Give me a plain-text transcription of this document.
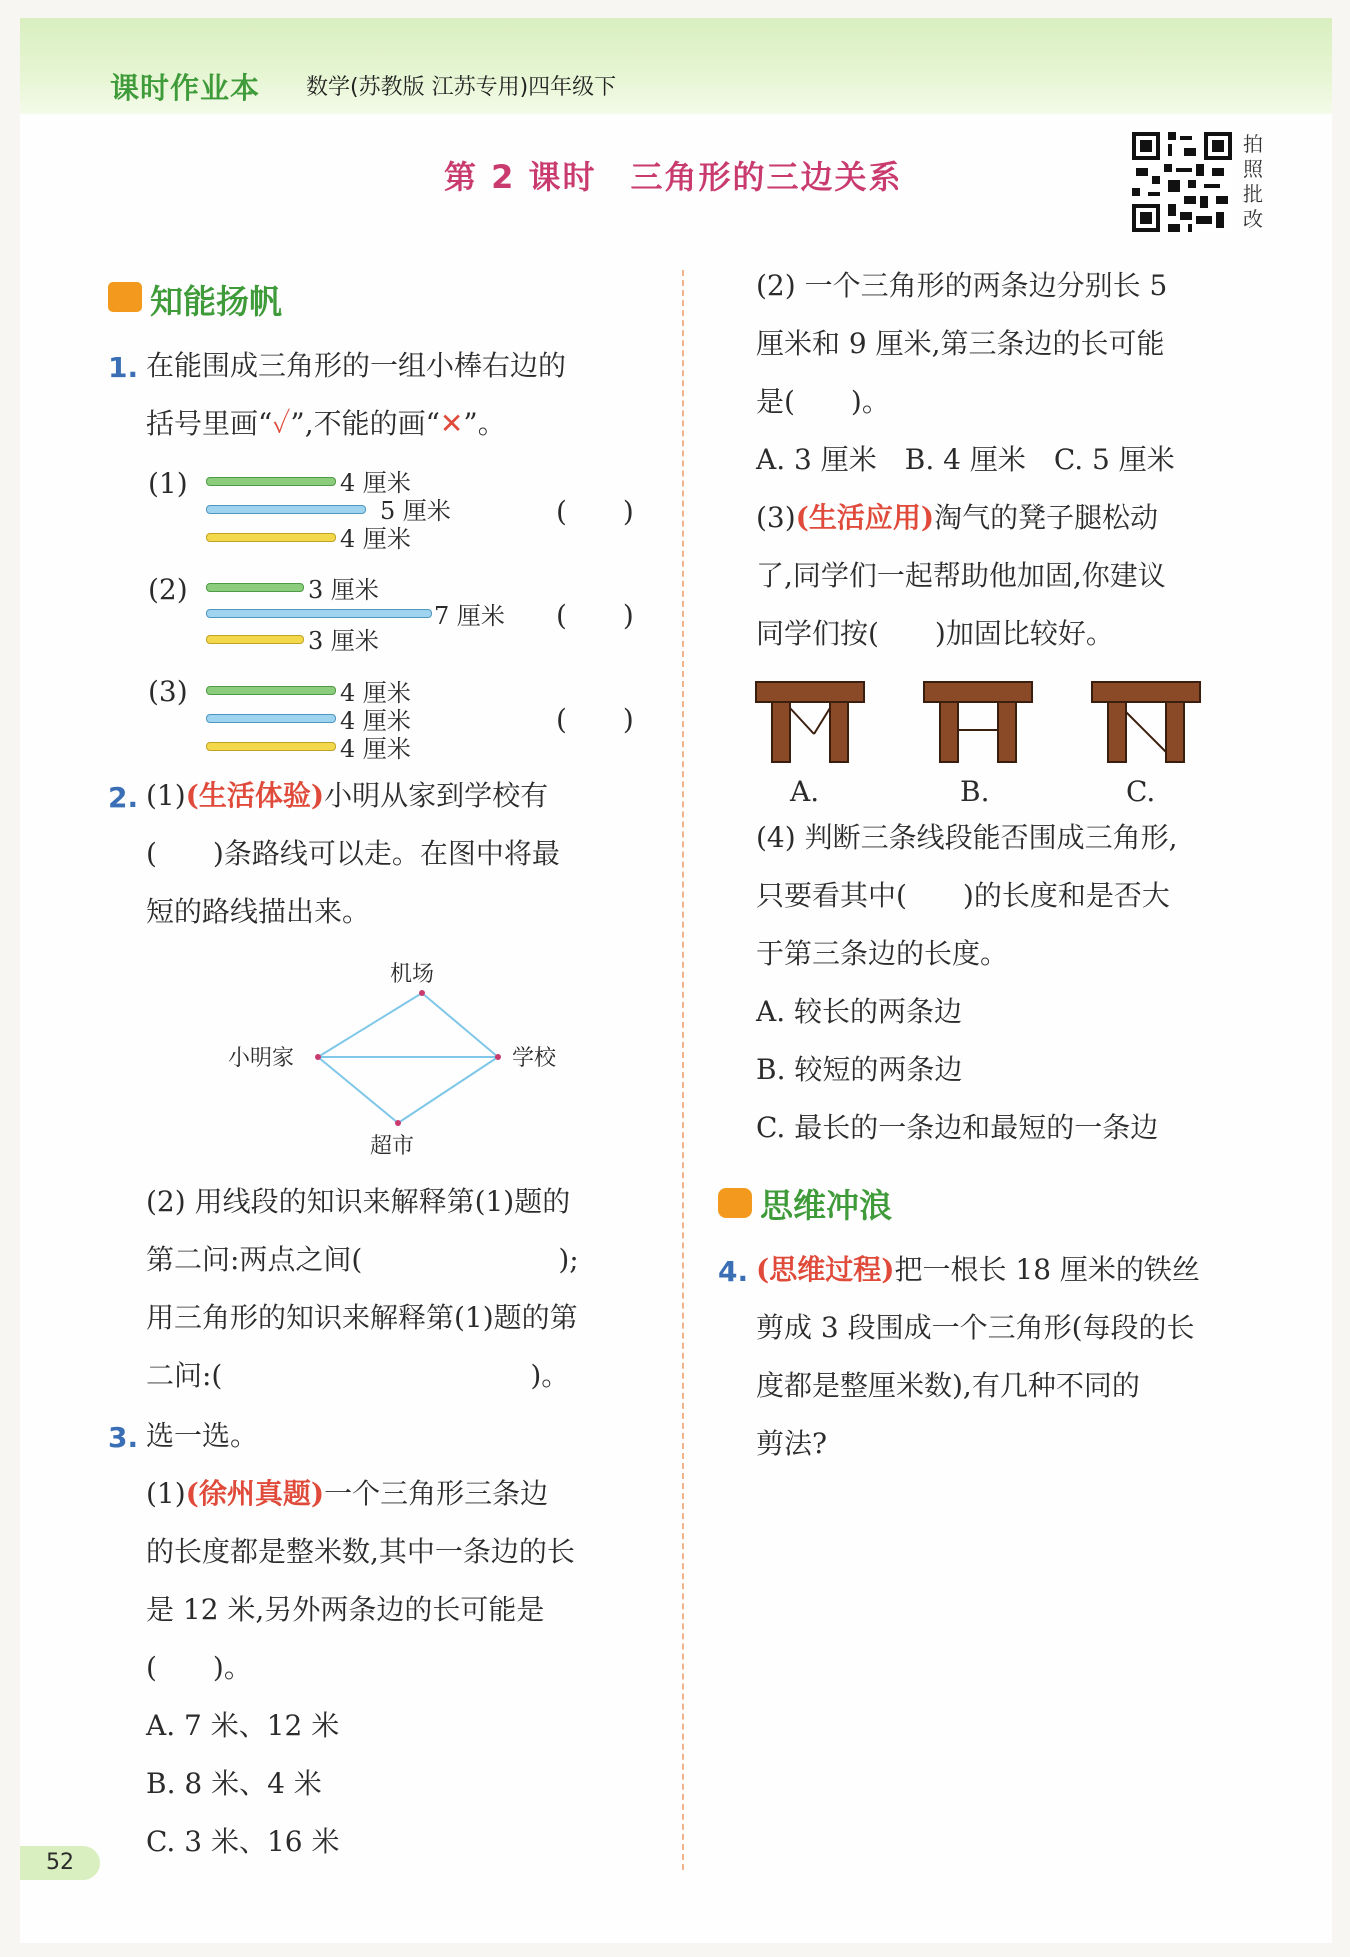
课时作业本 数学(苏教版 江苏专用)四年级下
第 2 课时　三角形的三边关系
拍照批改
知能扬帆
1. 在能围成三角形的一组小棒右边的
括号里画“✓”,不能的画“✕”。
(1)	4 厘米
5 厘米
4 厘米
(　　)
(2)	3 厘米
7 厘米
3 厘米
(　　)
(3)	4 厘米
4 厘米
4 厘米
(　　)
2. (1)(生活体验)小明从家到学校有
(　　)条路线可以走。在图中将最
短的路线描出来。
机场
小明家	学校
超市
(2) 用线段的知识来解释第(1)题的
第二问:两点之间(　　　　　　　);
用三角形的知识来解释第(1)题的第
二问:(　　　　　　　　　　　)。
3. 选一选。
(1)(徐州真题)一个三角形三条边
的长度都是整米数,其中一条边的长
是 12 米,另外两条边的长可能是
(　　)。
A. 7 米、12 米
B. 8 米、4 米
C. 3 米、16 米
(2) 一个三角形的两条边分别长 5
厘米和 9 厘米,第三条边的长可能
是(　　)。
A. 3 厘米　B. 4 厘米　C. 5 厘米
(3)(生活应用)淘气的凳子腿松动
了,同学们一起帮助他加固,你建议
同学们按(　　)加固比较好。
A.	B.	C.
(4) 判断三条线段能否围成三角形,
只要看其中(　　)的长度和是否大
于第三条边的长度。
A. 较长的两条边
B. 较短的两条边
C. 最长的一条边和最短的一条边
思维冲浪
4. (思维过程)把一根长 18 厘米的铁丝
剪成 3 段围成一个三角形(每段的长
度都是整厘米数),有几种不同的
剪法?
52
